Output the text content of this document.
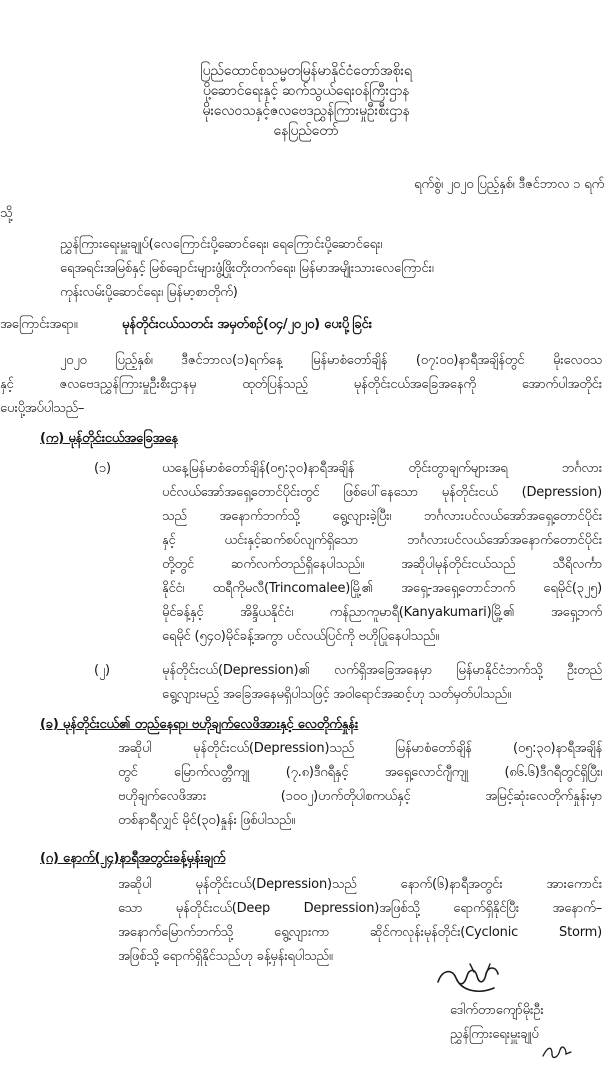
ပြည်ထောင်စုသမ္မတမြန်မာနိုင်ငံတော်အစိုးရ
ပို့ဆောင်ရေးနှင့် ဆက်သွယ်ရေးဝန်ကြီးဌာန
မိုးလေဝသနှင့်ဇလဗေဒညွှန်ကြားမှုဦးစီးဌာန
နေပြည်တော်
ရက်စွဲ၊ ၂၀၂၀ ပြည့်နှစ်၊ ဒီဇင်ဘာလ ၁ ရက်
သို့
ညွှန်ကြားရေးမှူးချုပ်(လေကြောင်းပို့ဆောင်ရေး၊ ရေကြောင်းပို့ဆောင်ရေး၊
ရေအရင်းအမြစ်နှင့် မြစ်ချောင်းများဖွံ့ဖြိုးတိုးတက်ရေး၊ မြန်မာအမျိုးသားလေကြောင်း၊
ကုန်းလမ်းပို့ဆောင်ရေး၊ မြန်မာ့စာတိုက်)
အကြောင်းအရာ။	မုန်တိုင်းငယ်သတင်း အမှတ်စဉ်(၀၄/၂၀၂၀) ပေးပို့ခြင်း
၂၀၂၀ ပြည့်နှစ်၊ ဒီဇင်ဘာလ(၁)ရက်နေ့ မြန်မာစံတော်ချိန် (၀၇:၀၀)နာရီအချိန်တွင် မိုးလေဝသ
နှင့် ဇလဗေဒညွှန်ကြားမှုဦးစီးဌာနမှ ထုတ်ပြန်သည့် မုန်တိုင်းငယ်အခြေအနေကို အောက်ပါအတိုင်း
ပေးပို့အပ်ပါသည်–
(က) မုန်တိုင်းငယ်အခြေအနေ
(၁)	ယနေ့မြန်မာစံတော်ချိန်(၀၅:၃၀)နာရီအချိန် တိုင်းတွာချက်များအရ ဘင်္ဂလား
ပင်လယ်အော်အရှေ့တောင်ပိုင်းတွင် ဖြစ်ပေါ်နေသော မုန်တိုင်းငယ် (Depression)
သည် အနောက်ဘက်သို့ ရွေ့လျားခဲ့ပြီး၊ ဘင်္ဂလားပင်လယ်အော်အရှေ့တောင်ပိုင်း
နှင့် ယင်းနှင့်ဆက်စပ်လျက်ရှိသော ဘင်္ဂလားပင်လယ်အော်အနောက်တောင်ပိုင်း
တို့တွင် ဆက်လက်တည်ရှိနေပါသည်။ အဆိုပါမုန်တိုင်းငယ်သည် သီရိလင်္ကာ
နိုင်ငံ၊ ထရီကိုမလီ(Trincomalee)မြို့၏ အရှေ့-အရှေ့တောင်ဘက် ရေမိုင်(၃၂၅)
မိုင်ခန့်နှင့် အိန္ဒိယနိုင်ငံ၊ ကန်ညာကူမာရီ(Kanyakumari)မြို့၏ အရှေ့ဘက်
ရေမိုင် (၅၄၀)မိုင်ခန့်အကွာ ပင်လယ်ပြင်ကို ဗဟိုပြုနေပါသည်။
(၂)	မုန်တိုင်းငယ်(Depression)၏ လက်ရှိအခြေအနေမှာ မြန်မာနိုင်ငံဘက်သို့ ဦးတည်
ရွေ့လျားမည့် အခြေအနေမရှိပါသဖြင့် အဝါရောင်အဆင့်ဟု သတ်မှတ်ပါသည်။
(ခ) မုန်တိုင်းငယ်၏ တည်နေရာ၊ ဗဟိုချက်လေဖိအားနှင့် လေတိုက်နှုန်း
အဆိုပါ မုန်တိုင်းငယ်(Depression)သည် မြန်မာစံတော်ချိန် (၀၅:၃၀)နာရီအချိန်
တွင် မြောက်လတ္တီကျု (၇.၈)ဒီဂရီနှင့် အရှေ့လောင်ဂျီကျု (၈၆.၆)ဒီဂရီတွင်ရှိပြီး၊
ဗဟိုချက်လေဖိအား (၁၀၀၂)ဟက်တိုပါစကယ်နှင့် အမြင့်ဆုံးလေတိုက်နှုန်းမှာ
တစ်နာရီလျှင် မိုင်(၃၀)နှုန်း ဖြစ်ပါသည်။
(ဂ) နောက်(၂၄)နာရီအတွင်းခန့်မှန်းချက်
အဆိုပါ မုန်တိုင်းငယ်(Depression)သည် နောက်(၆)နာရီအတွင်း အားကောင်း
သော မုန်တိုင်းငယ်(Deep Depression)အဖြစ်သို့ ရောက်ရှိနိုင်ပြီး အနောက်–
အနောက်မြောက်ဘက်သို့ ရွေ့လျားကာ ဆိုင်ကလုန်းမုန်တိုင်း(Cyclonic Storm)
အဖြစ်သို့ ရောက်ရှိနိုင်သည်ဟု ခန့်မှန်းရပါသည်။
ဒေါက်တာကျော်မိုးဦး
ညွှန်ကြားရေးမှူးချုပ်
